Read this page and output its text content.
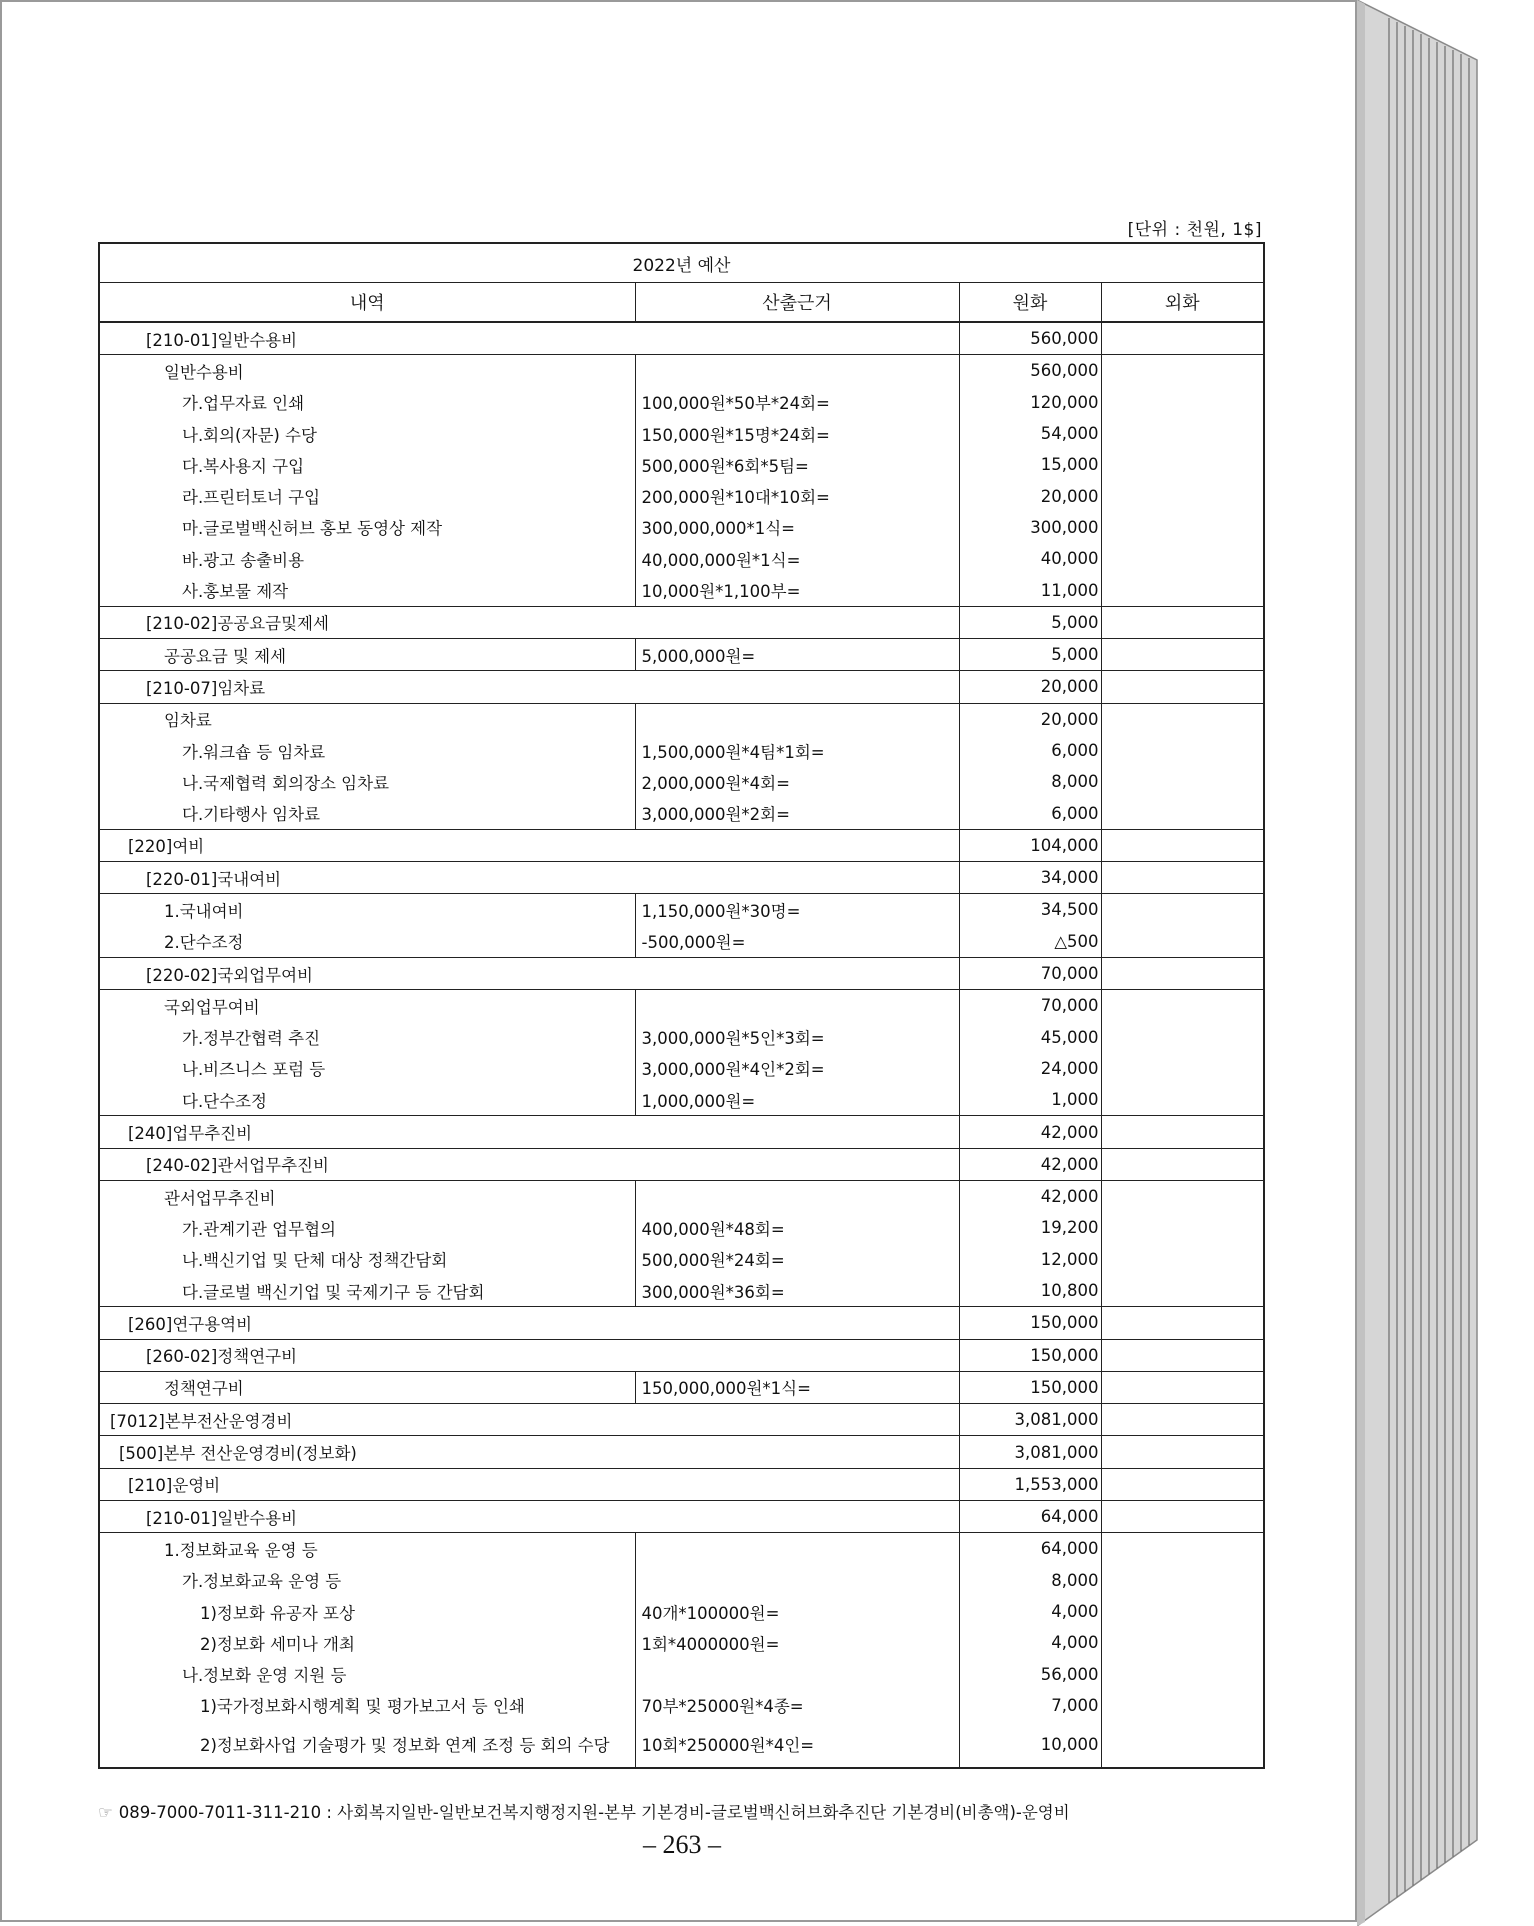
[단위 : 천원, 1$]
2022년 예산			
내역	산출근거	원화	외화
[210-01]일반수용비		560,000	
일반수용비		560,000	
가.업무자료 인쇄	100,000원*50부*24회=	120,000	
나.회의(자문) 수당	150,000원*15명*24회=	54,000	
다.복사용지 구입	500,000원*6회*5팀=	15,000	
라.프린터토너 구입	200,000원*10대*10회=	20,000	
마.글로벌백신허브 홍보 동영상 제작	300,000,000*1식=	300,000	
바.광고 송출비용	40,000,000원*1식=	40,000	
사.홍보물 제작	10,000원*1,100부=	11,000	
[210-02]공공요금및제세		5,000	
공공요금 및 제세	5,000,000원=	5,000	
[210-07]임차료		20,000	
임차료		20,000	
가.워크숍 등 임차료	1,500,000원*4팀*1회=	6,000	
나.국제협력 회의장소 임차료	2,000,000원*4회=	8,000	
다.기타행사 임차료	3,000,000원*2회=	6,000	
[220]여비		104,000	
[220-01]국내여비		34,000	
1.국내여비	1,150,000원*30명=	34,500	
2.단수조정	-500,000원=	△500	
[220-02]국외업무여비		70,000	
국외업무여비		70,000	
가.정부간협력 추진	3,000,000원*5인*3회=	45,000	
나.비즈니스 포럼 등	3,000,000원*4인*2회=	24,000	
다.단수조정	1,000,000원=	1,000	
[240]업무추진비		42,000	
[240-02]관서업무추진비		42,000	
관서업무추진비		42,000	
가.관계기관 업무협의	400,000원*48회=	19,200	
나.백신기업 및 단체 대상 정책간담회	500,000원*24회=	12,000	
다.글로벌 백신기업 및 국제기구 등 간담회	300,000원*36회=	10,800	
[260]연구용역비		150,000	
[260-02]정책연구비		150,000	
정책연구비	150,000,000원*1식=	150,000	
[7012]본부전산운영경비		3,081,000	
[500]본부 전산운영경비(정보화)		3,081,000	
[210]운영비		1,553,000	
[210-01]일반수용비		64,000	
1.정보화교육 운영 등		64,000	
가.정보화교육 운영 등		8,000	
1)정보화 유공자 포상	40개*100000원=	4,000	
2)정보화 세미나 개최	1회*4000000원=	4,000	
나.정보화 운영 지원 등		56,000	
1)국가정보화시행계획 및 평가보고서 등 인쇄	70부*25000원*4종=	7,000	
2)정보화사업 기술평가 및 정보화 연계 조정 등 회의 수당	10회*250000원*4인=	10,000	
☞ 089-7000-7011-311-210 : 사회복지일반-일반보건복지행정지원-본부 기본경비-글로벌백신허브화추진단 기본경비(비총액)-운영비
– 263 –
